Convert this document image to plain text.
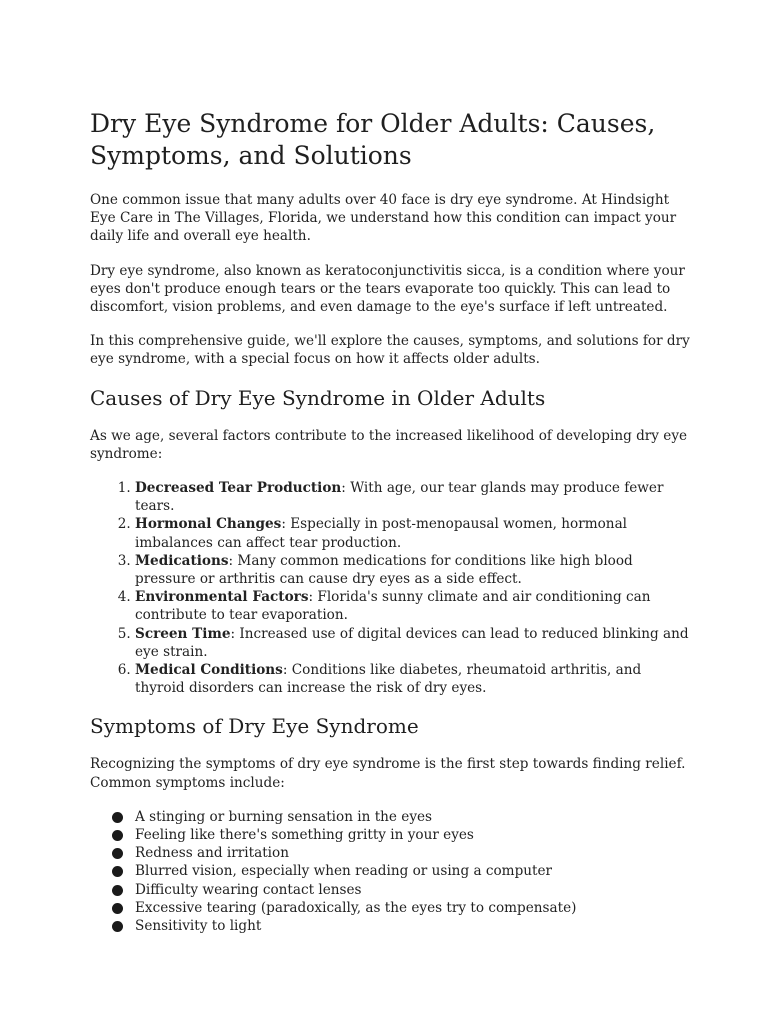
Dry Eye Syndrome for Older Adults: Causes, Symptoms, and Solutions

One common issue that many adults over 40 face is dry eye syndrome. At Hindsight Eye Care in The Villages, Florida, we understand how this condition can impact your daily life and overall eye health.

Dry eye syndrome, also known as keratoconjunctivitis sicca, is a condition where your eyes don't produce enough tears or the tears evaporate too quickly. This can lead to discomfort, vision problems, and even damage to the eye's surface if left untreated.

In this comprehensive guide, we'll explore the causes, symptoms, and solutions for dry eye syndrome, with a special focus on how it affects older adults.

Causes of Dry Eye Syndrome in Older Adults

As we age, several factors contribute to the increased likelihood of developing dry eye syndrome:

1. Decreased Tear Production: With age, our tear glands may produce fewer tears.
2. Hormonal Changes: Especially in post-menopausal women, hormonal imbalances can affect tear production.
3. Medications: Many common medications for conditions like high blood pressure or arthritis can cause dry eyes as a side effect.
4. Environmental Factors: Florida's sunny climate and air conditioning can contribute to tear evaporation.
5. Screen Time: Increased use of digital devices can lead to reduced blinking and eye strain.
6. Medical Conditions: Conditions like diabetes, rheumatoid arthritis, and thyroid disorders can increase the risk of dry eyes.
Symptoms of Dry Eye Syndrome

Recognizing the symptoms of dry eye syndrome is the first step towards finding relief. Common symptoms include:

A stinging or burning sensation in the eyes
Feeling like there's something gritty in your eyes
Redness and irritation
Blurred vision, especially when reading or using a computer
Difficulty wearing contact lenses
Excessive tearing (paradoxically, as the eyes try to compensate)
Sensitivity to light
